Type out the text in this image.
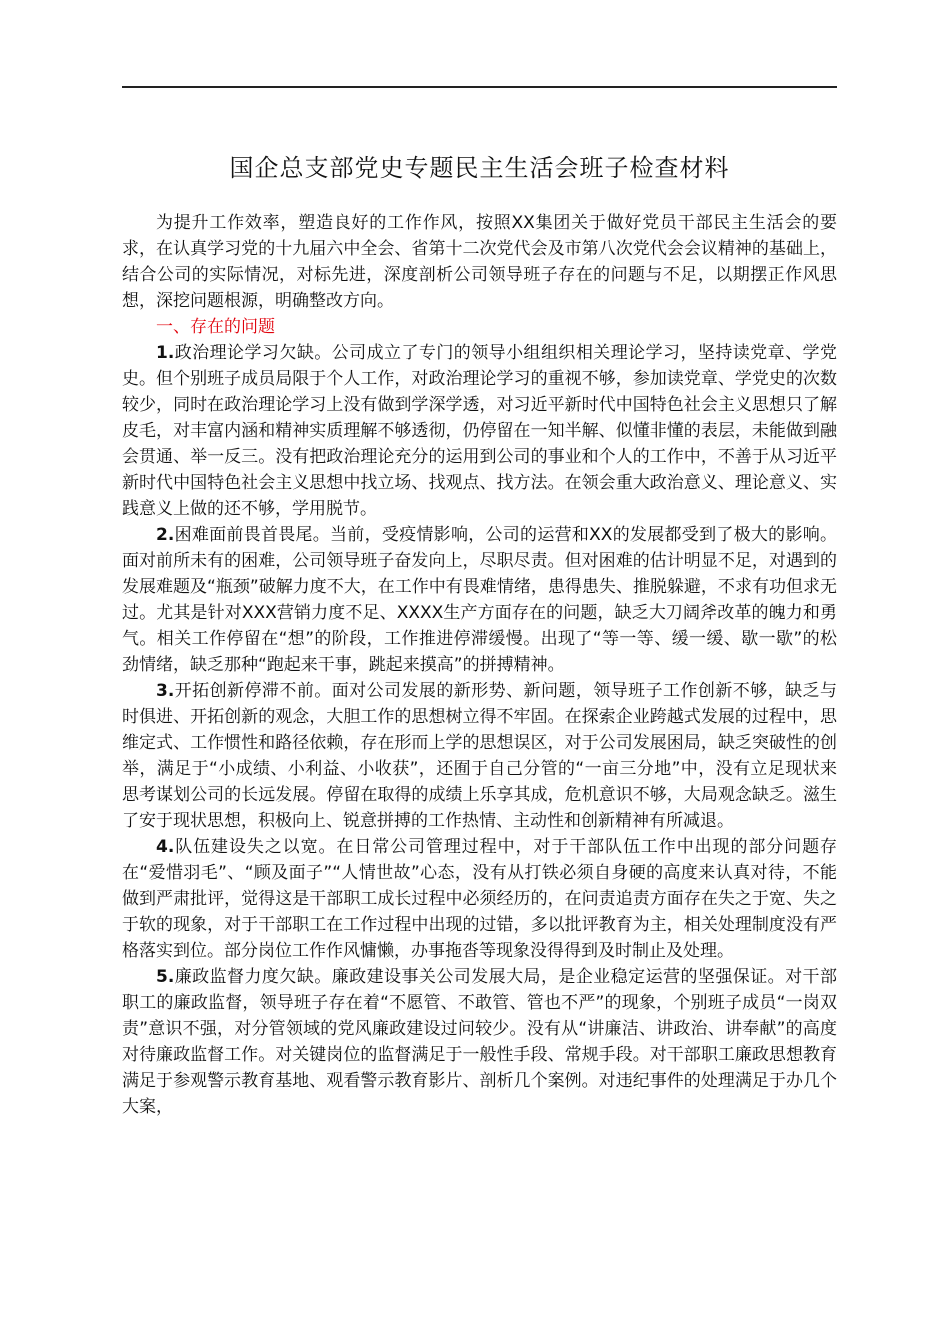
国企总支部党史专题民主生活会班子检查材料

为提升工作效率，塑造良好的工作作风，按照XX集团关于做好党员干部民主生活会的要求，在认真学习党的十九届六中全会、省第十二次党代会及市第八次党代会会议精神的基础上，结合公司的实际情况，对标先进，深度剖析公司领导班子存在的问题与不足，以期摆正作风思想，深挖问题根源，明确整改方向。

一、存在的问题

1.政治理论学习欠缺。公司成立了专门的领导小组组织相关理论学习，坚持读党章、学党史。但个别班子成员局限于个人工作，对政治理论学习的重视不够，参加读党章、学党史的次数较少，同时在政治理论学习上没有做到学深学透，对习近平新时代中国特色社会主义思想只了解皮毛，对丰富内涵和精神实质理解不够透彻，仍停留在一知半解、似懂非懂的表层，未能做到融会贯通、举一反三。没有把政治理论充分的运用到公司的事业和个人的工作中，不善于从习近平新时代中国特色社会主义思想中找立场、找观点、找方法。在领会重大政治意义、理论意义、实践意义上做的还不够，学用脱节。

2.困难面前畏首畏尾。当前，受疫情影响，公司的运营和XX的发展都受到了极大的影响。面对前所未有的困难，公司领导班子奋发向上，尽职尽责。但对困难的估计明显不足，对遇到的发展难题及“瓶颈”破解力度不大，在工作中有畏难情绪，患得患失、推脱躲避，不求有功但求无过。尤其是针对XXX营销力度不足、XXXX生产方面存在的问题，缺乏大刀阔斧改革的魄力和勇气。相关工作停留在“想”的阶段，工作推进停滞缓慢。出现了“等一等、缓一缓、歇一歇”的松劲情绪，缺乏那种“跑起来干事，跳起来摸高”的拼搏精神。

3.开拓创新停滞不前。面对公司发展的新形势、新问题，领导班子工作创新不够，缺乏与时俱进、开拓创新的观念，大胆工作的思想树立得不牢固。在探索企业跨越式发展的过程中，思维定式、工作惯性和路径依赖，存在形而上学的思想误区，对于公司发展困局，缺乏突破性的创举，满足于“小成绩、小利益、小收获”，还囿于自己分管的“一亩三分地”中，没有立足现状来思考谋划公司的长远发展。停留在取得的成绩上乐享其成，危机意识不够，大局观念缺乏。滋生了安于现状思想，积极向上、锐意拼搏的工作热情、主动性和创新精神有所减退。

4.队伍建设失之以宽。在日常公司管理过程中，对于干部队伍工作中出现的部分问题存在“爱惜羽毛”、“顾及面子”“人情世故”心态，没有从打铁必须自身硬的高度来认真对待，不能做到严肃批评，觉得这是干部职工成长过程中必须经历的，在问责追责方面存在失之于宽、失之于软的现象，对于干部职工在工作过程中出现的过错，多以批评教育为主，相关处理制度没有严格落实到位。部分岗位工作作风慵懒，办事拖沓等现象没得得到及时制止及处理。

5.廉政监督力度欠缺。廉政建设事关公司发展大局，是企业稳定运营的坚强保证。对干部职工的廉政监督，领导班子存在着“不愿管、不敢管、管也不严”的现象，个别班子成员“一岗双责”意识不强，对分管领域的党风廉政建设过问较少。没有从“讲廉洁、讲政治、讲奉献”的高度对待廉政监督工作。对关键岗位的监督满足于一般性手段、常规手段。对干部职工廉政思想教育满足于参观警示教育基地、观看警示教育影片、剖析几个案例。对违纪事件的处理满足于办几个大案，
